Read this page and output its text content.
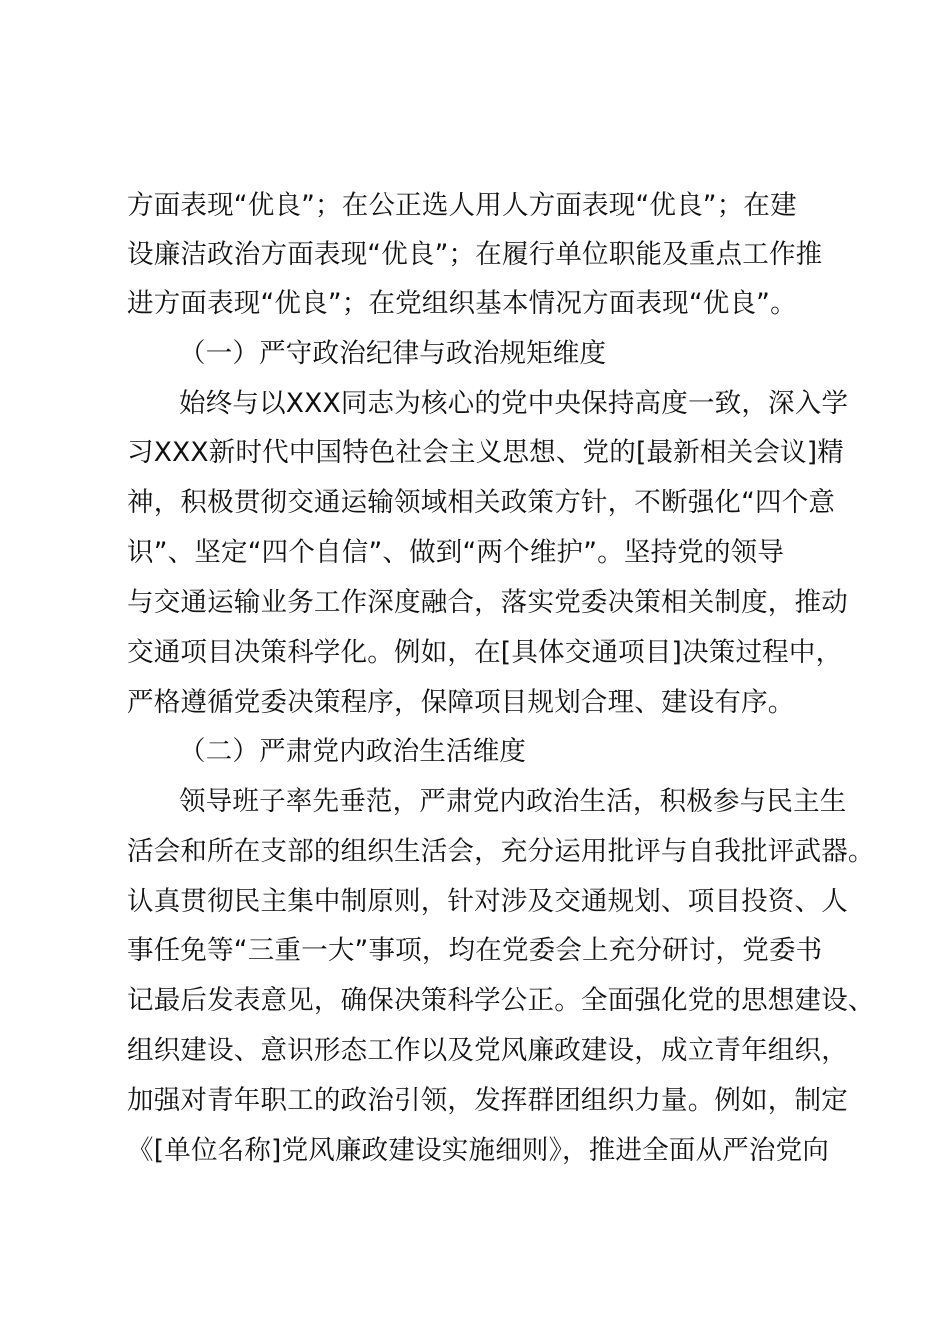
方面表现“优良”；在公正选人用人方面表现“优良”；在建
设廉洁政治方面表现“优良”；在履行单位职能及重点工作推
进方面表现“优良”；在党组织基本情况方面表现“优良”。
（一）严守政治纪律与政治规矩维度
始终与以XXX同志为核心的党中央保持高度一致，深入学
习XXX新时代中国特色社会主义思想、党的[最新相关会议]精
神，积极贯彻交通运输领域相关政策方针，不断强化“四个意
识”、坚定“四个自信”、做到“两个维护”。坚持党的领导
与交通运输业务工作深度融合，落实党委决策相关制度，推动
交通项目决策科学化。例如，在[具体交通项目]决策过程中，
严格遵循党委决策程序，保障项目规划合理、建设有序。
（二）严肃党内政治生活维度
领导班子率先垂范，严肃党内政治生活，积极参与民主生
活会和所在支部的组织生活会，充分运用批评与自我批评武器。
认真贯彻民主集中制原则，针对涉及交通规划、项目投资、人
事任免等“三重一大”事项，均在党委会上充分研讨，党委书
记最后发表意见，确保决策科学公正。全面强化党的思想建设、
组织建设、意识形态工作以及党风廉政建设，成立青年组织，
加强对青年职工的政治引领，发挥群团组织力量。例如，制定
《[单位名称]党风廉政建设实施细则》，推进全面从严治党向
